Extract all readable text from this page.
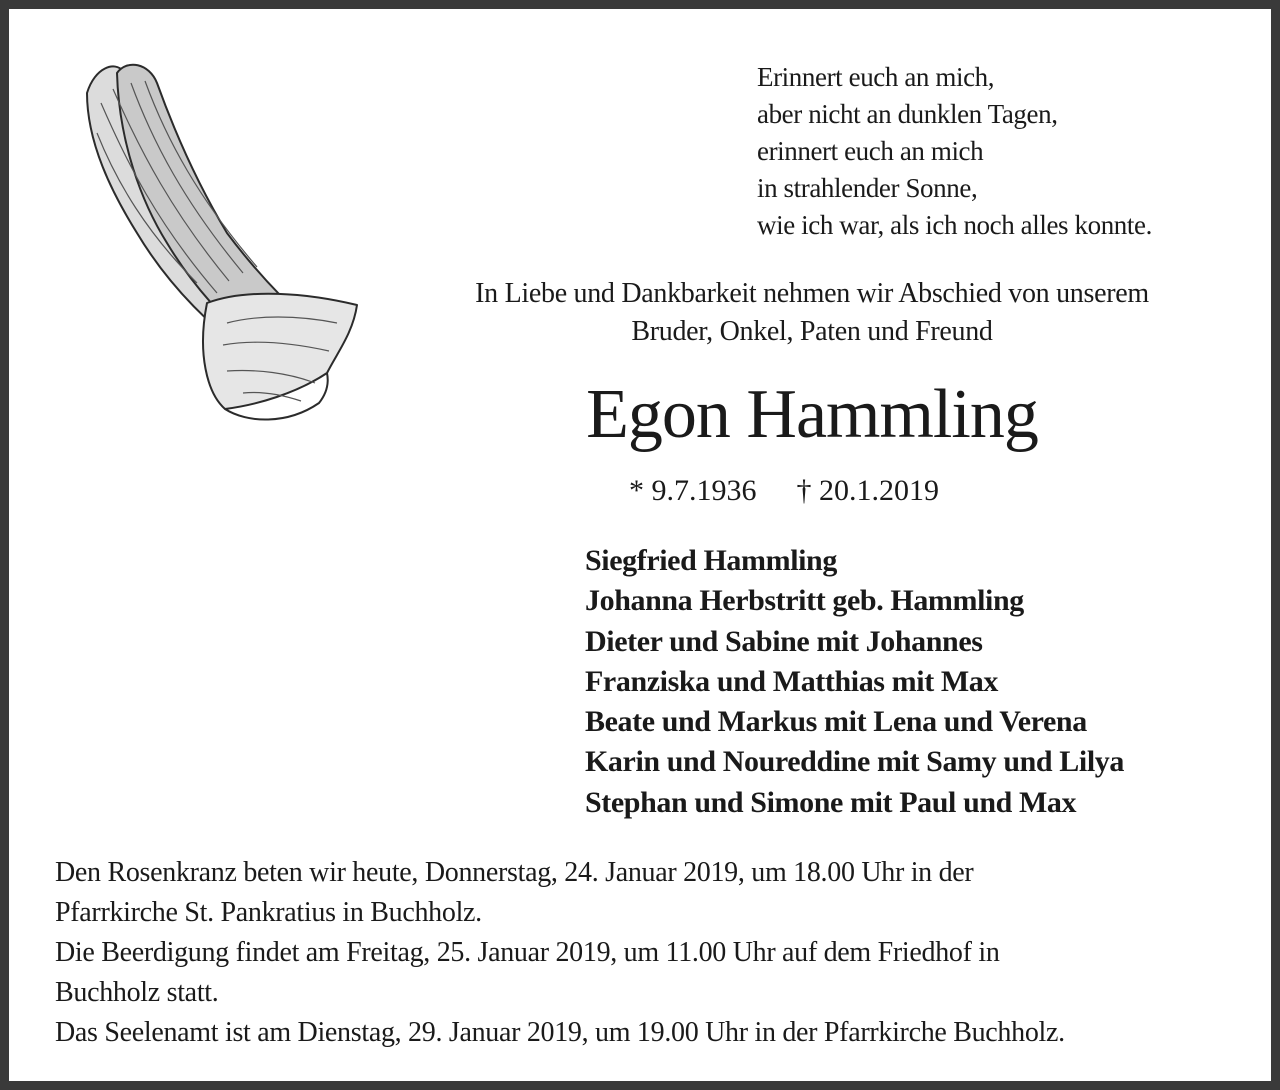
Erinnert euch an mich,
aber nicht an dunklen Tagen,
erinnert euch an mich
in strahlender Sonne,
wie ich war, als ich noch alles konnte.
In Liebe und Dankbarkeit nehmen wir Abschied von unserem
Bruder, Onkel, Paten und Freund
Egon Hammling
* 9.7.1936 † 20.1.2019
Siegfried Hammling
Johanna Herbstritt geb. Hammling
Dieter und Sabine mit Johannes
Franziska und Matthias mit Max
Beate und Markus mit Lena und Verena
Karin und Noureddine mit Samy und Lilya
Stephan und Simone mit Paul und Max
Den Rosenkranz beten wir heute, Donnerstag, 24. Januar 2019, um 18.00 Uhr in der
Pfarrkirche St. Pankratius in Buchholz.
Die Beerdigung findet am Freitag, 25. Januar 2019, um 11.00 Uhr auf dem Friedhof in
Buchholz statt.
Das Seelenamt ist am Dienstag, 29. Januar 2019, um 19.00 Uhr in der Pfarrkirche Buchholz.
